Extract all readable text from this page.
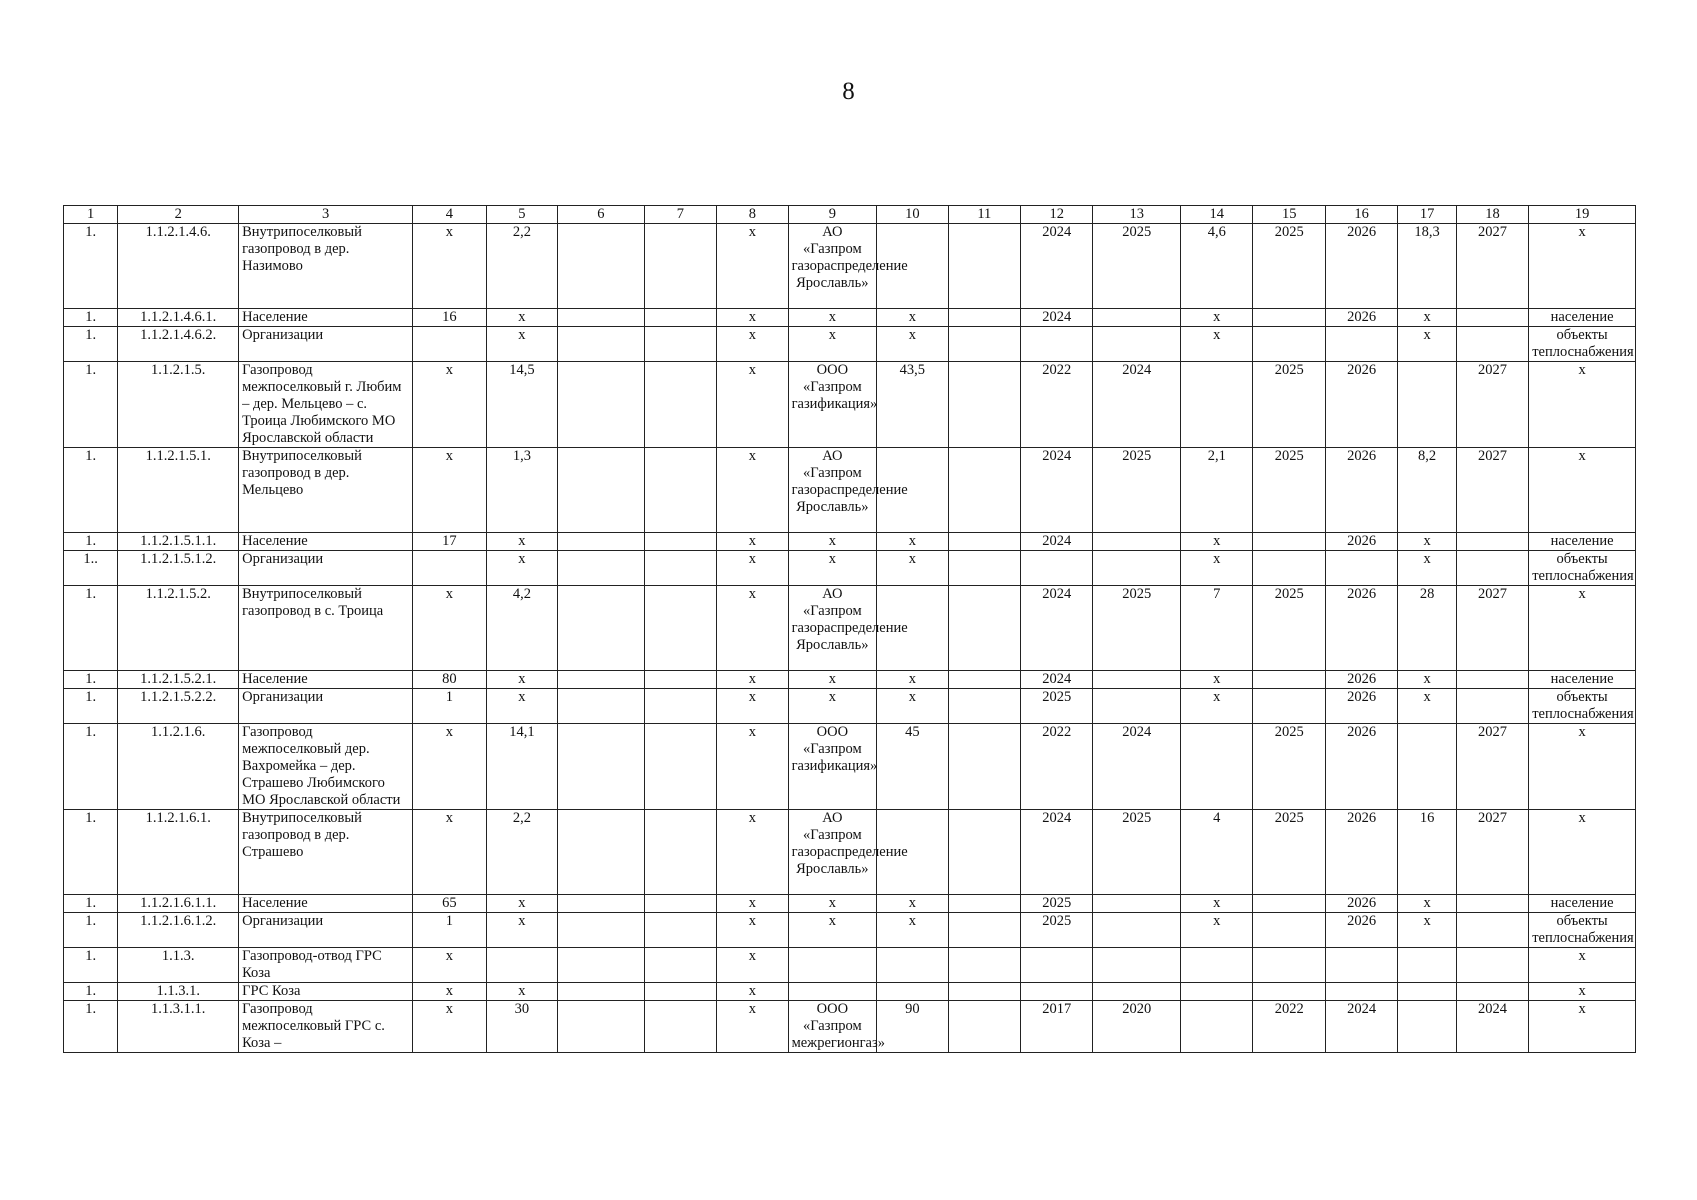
8
1	2	3	4	5	6	7	8	9	10	11	12	13	14	15	16	17	18	19
1.	1.1.2.1.4.6.	Внутрипоселковый газопровод в дер. Назимово	х	2,2			х	АО «Газпром газораспределение Ярославль»			2024	2025	4,6	2025	2026	18,3	2027	х
1.	1.1.2.1.4.6.1.	Население	16	х			х	х	х		2024		х		2026	х		население
1.	1.1.2.1.4.6.2.	Организации		х			х	х	х				х			х		объекты теплоснабжения
1.	1.1.2.1.5.	Газопровод межпоселковый г. Любим – дер. Мельцево – с. Троица Любимского МО Ярославской области	х	14,5			х	ООО «Газпром газификация»	43,5		2022	2024		2025	2026		2027	х
1.	1.1.2.1.5.1.	Внутрипоселковый газопровод в дер. Мельцево	х	1,3			х	АО «Газпром газораспределение Ярославль»			2024	2025	2,1	2025	2026	8,2	2027	х
1.	1.1.2.1.5.1.1.	Население	17	х			х	х	х		2024		х		2026	х		население
1..	1.1.2.1.5.1.2.	Организации		х			х	х	х				х			х		объекты теплоснабжения
1.	1.1.2.1.5.2.	Внутрипоселковый газопровод в с. Троица	х	4,2			х	АО «Газпром газораспределение Ярославль»			2024	2025	7	2025	2026	28	2027	х
1.	1.1.2.1.5.2.1.	Население	80	х			х	х	х		2024		х		2026	х		население
1.	1.1.2.1.5.2.2.	Организации	1	х			х	х	х		2025		х		2026	х		объекты теплоснабжения
1.	1.1.2.1.6.	Газопровод межпоселковый дер. Вахромейка – дер. Страшево Любимского МО Ярославской области	х	14,1			х	ООО «Газпром газификация»	45		2022	2024		2025	2026		2027	х
1.	1.1.2.1.6.1.	Внутрипоселковый газопровод в дер. Страшево	х	2,2			х	АО «Газпром газораспределение Ярославль»			2024	2025	4	2025	2026	16	2027	х
1.	1.1.2.1.6.1.1.	Население	65	х			х	х	х		2025		х		2026	х		население
1.	1.1.2.1.6.1.2.	Организации	1	х			х	х	х		2025		х		2026	х		объекты теплоснабжения
1.	1.1.3.	Газопровод-отвод ГРС Коза	х				х											х
1.	1.1.3.1.	ГРС Коза	х	х			х											х
1.	1.1.3.1.1.	Газопровод межпоселковый ГРС с. Коза –	х	30			х	ООО «Газпром межрегионгаз»	90		2017	2020		2022	2024		2024	х
